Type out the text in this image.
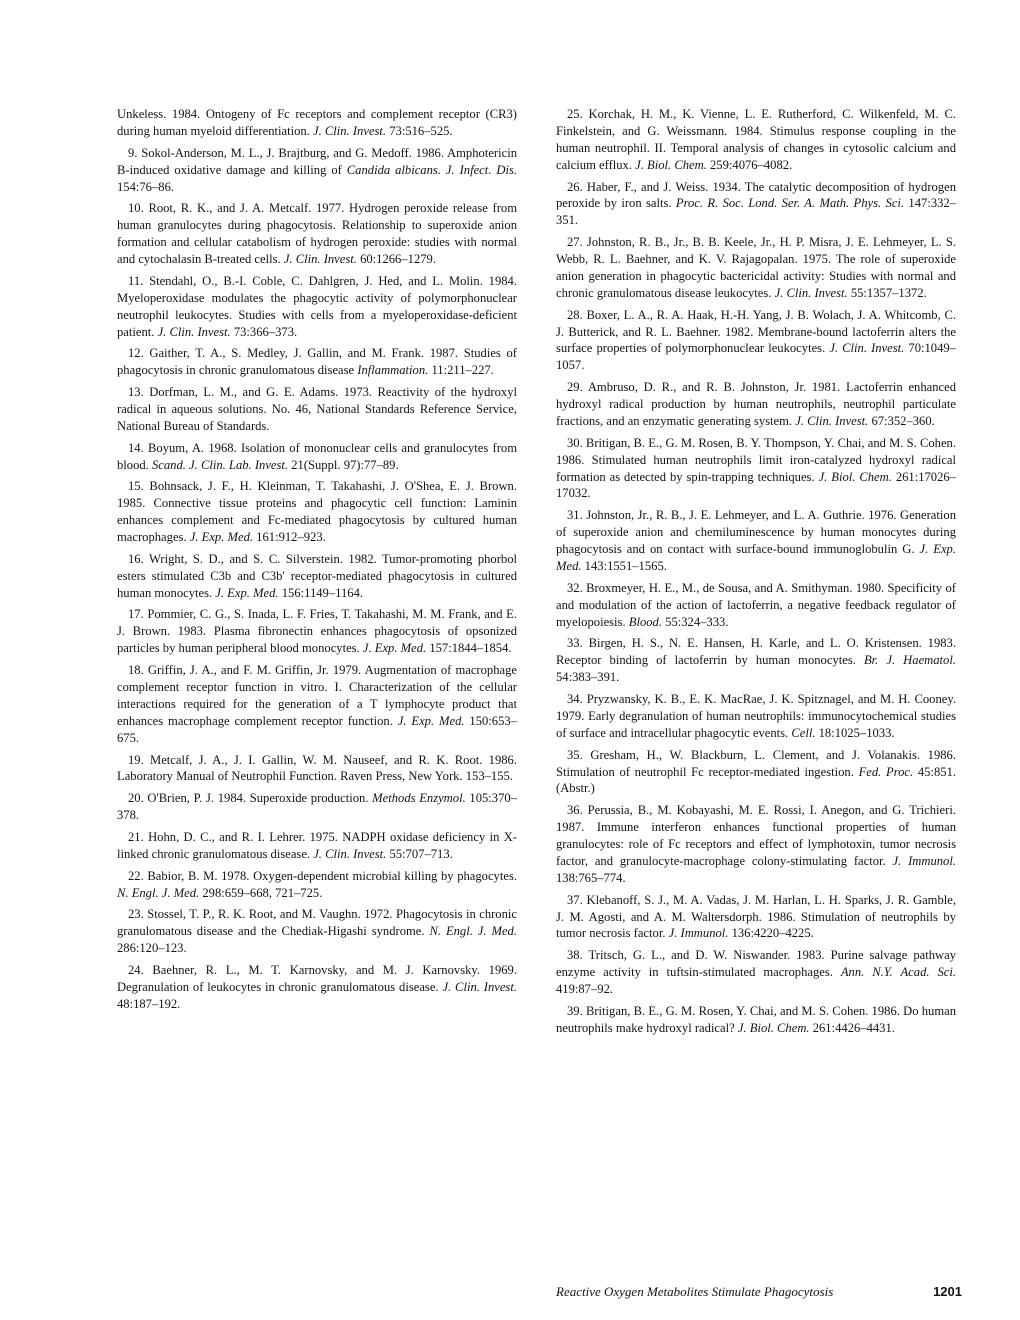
Unkeless. 1984. Ontogeny of Fc receptors and complement receptor (CR3) during human myeloid differentiation. J. Clin. Invest. 73:516–525.

9. Sokol-Anderson, M. L., J. Brajtburg, and G. Medoff. 1986. Amphotericin B-induced oxidative damage and killing of Candida albicans. J. Infect. Dis. 154:76–86.

10. Root, R. K., and J. A. Metcalf. 1977. Hydrogen peroxide release from human granulocytes during phagocytosis. Relationship to superoxide anion formation and cellular catabolism of hydrogen peroxide: studies with normal and cytochalasin B-treated cells. J. Clin. Invest. 60:1266–1279.

11. Stendahl, O., B.-I. Coble, C. Dahlgren, J. Hed, and L. Molin. 1984. Myeloperoxidase modulates the phagocytic activity of polymorphonuclear neutrophil leukocytes. Studies with cells from a myeloperoxidase-deficient patient. J. Clin. Invest. 73:366–373.

12. Gaither, T. A., S. Medley, J. Gallin, and M. Frank. 1987. Studies of phagocytosis in chronic granulomatous disease Inflammation. 11:211–227.

13. Dorfman, L. M., and G. E. Adams. 1973. Reactivity of the hydroxyl radical in aqueous solutions. No. 46, National Standards Reference Service, National Bureau of Standards.

14. Boyum, A. 1968. Isolation of mononuclear cells and granulocytes from blood. Scand. J. Clin. Lab. Invest. 21(Suppl. 97):77–89.

15. Bohnsack, J. F., H. Kleinman, T. Takahashi, J. O'Shea, E. J. Brown. 1985. Connective tissue proteins and phagocytic cell function: Laminin enhances complement and Fc-mediated phagocytosis by cultured human macrophages. J. Exp. Med. 161:912–923.

16. Wright, S. D., and S. C. Silverstein. 1982. Tumor-promoting phorbol esters stimulated C3b and C3b' receptor-mediated phagocytosis in cultured human monocytes. J. Exp. Med. 156:1149–1164.

17. Pommier, C. G., S. Inada, L. F. Fries, T. Takahashi, M. M. Frank, and E. J. Brown. 1983. Plasma fibronectin enhances phagocytosis of opsonized particles by human peripheral blood monocytes. J. Exp. Med. 157:1844–1854.

18. Griffin, J. A., and F. M. Griffin, Jr. 1979. Augmentation of macrophage complement receptor function in vitro. I. Characterization of the cellular interactions required for the generation of a T lymphocyte product that enhances macrophage complement receptor function. J. Exp. Med. 150:653–675.

19. Metcalf, J. A., J. I. Gallin, W. M. Nauseef, and R. K. Root. 1986. Laboratory Manual of Neutrophil Function. Raven Press, New York. 153–155.

20. O'Brien, P. J. 1984. Superoxide production. Methods Enzymol. 105:370–378.

21. Hohn, D. C., and R. I. Lehrer. 1975. NADPH oxidase deficiency in X-linked chronic granulomatous disease. J. Clin. Invest. 55:707–713.

22. Babior, B. M. 1978. Oxygen-dependent microbial killing by phagocytes. N. Engl. J. Med. 298:659–668, 721–725.

23. Stossel, T. P., R. K. Root, and M. Vaughn. 1972. Phagocytosis in chronic granulomatous disease and the Chediak-Higashi syndrome. N. Engl. J. Med. 286:120–123.

24. Baehner, R. L., M. T. Karnovsky, and M. J. Karnovsky. 1969. Degranulation of leukocytes in chronic granulomatous disease. J. Clin. Invest. 48:187–192.

25. Korchak, H. M., K. Vienne, L. E. Rutherford, C. Wilkenfeld, M. C. Finkelstein, and G. Weissmann. 1984. Stimulus response coupling in the human neutrophil. II. Temporal analysis of changes in cytosolic calcium and calcium efflux. J. Biol. Chem. 259:4076–4082.

26. Haber, F., and J. Weiss. 1934. The catalytic decomposition of hydrogen peroxide by iron salts. Proc. R. Soc. Lond. Ser. A. Math. Phys. Sci. 147:332–351.

27. Johnston, R. B., Jr., B. B. Keele, Jr., H. P. Misra, J. E. Lehmeyer, L. S. Webb, R. L. Baehner, and K. V. Rajagopalan. 1975. The role of superoxide anion generation in phagocytic bactericidal activity: Studies with normal and chronic granulomatous disease leukocytes. J. Clin. Invest. 55:1357–1372.

28. Boxer, L. A., R. A. Haak, H.-H. Yang, J. B. Wolach, J. A. Whitcomb, C. J. Butterick, and R. L. Baehner. 1982. Membrane-bound lactoferrin alters the surface properties of polymorphonuclear leukocytes. J. Clin. Invest. 70:1049–1057.

29. Ambruso, D. R., and R. B. Johnston, Jr. 1981. Lactoferrin enhanced hydroxyl radical production by human neutrophils, neutrophil particulate fractions, and an enzymatic generating system. J. Clin. Invest. 67:352–360.

30. Britigan, B. E., G. M. Rosen, B. Y. Thompson, Y. Chai, and M. S. Cohen. 1986. Stimulated human neutrophils limit iron-catalyzed hydroxyl radical formation as detected by spin-trapping techniques. J. Biol. Chem. 261:17026–17032.

31. Johnston, Jr., R. B., J. E. Lehmeyer, and L. A. Guthrie. 1976. Generation of superoxide anion and chemiluminescence by human monocytes during phagocytosis and on contact with surface-bound immunoglobulin G. J. Exp. Med. 143:1551–1565.

32. Broxmeyer, H. E., M., de Sousa, and A. Smithyman. 1980. Specificity of and modulation of the action of lactoferrin, a negative feedback regulator of myelopoiesis. Blood. 55:324–333.

33. Birgen, H. S., N. E. Hansen, H. Karle, and L. O. Kristensen. 1983. Receptor binding of lactoferrin by human monocytes. Br. J. Haematol. 54:383–391.

34. Pryzwansky, K. B., E. K. MacRae, J. K. Spitznagel, and M. H. Cooney. 1979. Early degranulation of human neutrophils: immunocytochemical studies of surface and intracellular phagocytic events. Cell. 18:1025–1033.

35. Gresham, H., W. Blackburn, L. Clement, and J. Volanakis. 1986. Stimulation of neutrophil Fc receptor-mediated ingestion. Fed. Proc. 45:851. (Abstr.)

36. Perussia, B., M. Kobayashi, M. E. Rossi, I. Anegon, and G. Trichieri. 1987. Immune interferon enhances functional properties of human granulocytes: role of Fc receptors and effect of lymphotoxin, tumor necrosis factor, and granulocyte-macrophage colony-stimulating factor. J. Immunol. 138:765–774.

37. Klebanoff, S. J., M. A. Vadas, J. M. Harlan, L. H. Sparks, J. R. Gamble, J. M. Agosti, and A. M. Waltersdorph. 1986. Stimulation of neutrophils by tumor necrosis factor. J. Immunol. 136:4220–4225.

38. Tritsch, G. L., and D. W. Niswander. 1983. Purine salvage pathway enzyme activity in tuftsin-stimulated macrophages. Ann. N.Y. Acad. Sci. 419:87–92.

39. Britigan, B. E., G. M. Rosen, Y. Chai, and M. S. Cohen. 1986. Do human neutrophils make hydroxyl radical? J. Biol. Chem. 261:4426–4431.

Reactive Oxygen Metabolites Stimulate Phagocytosis	1201
